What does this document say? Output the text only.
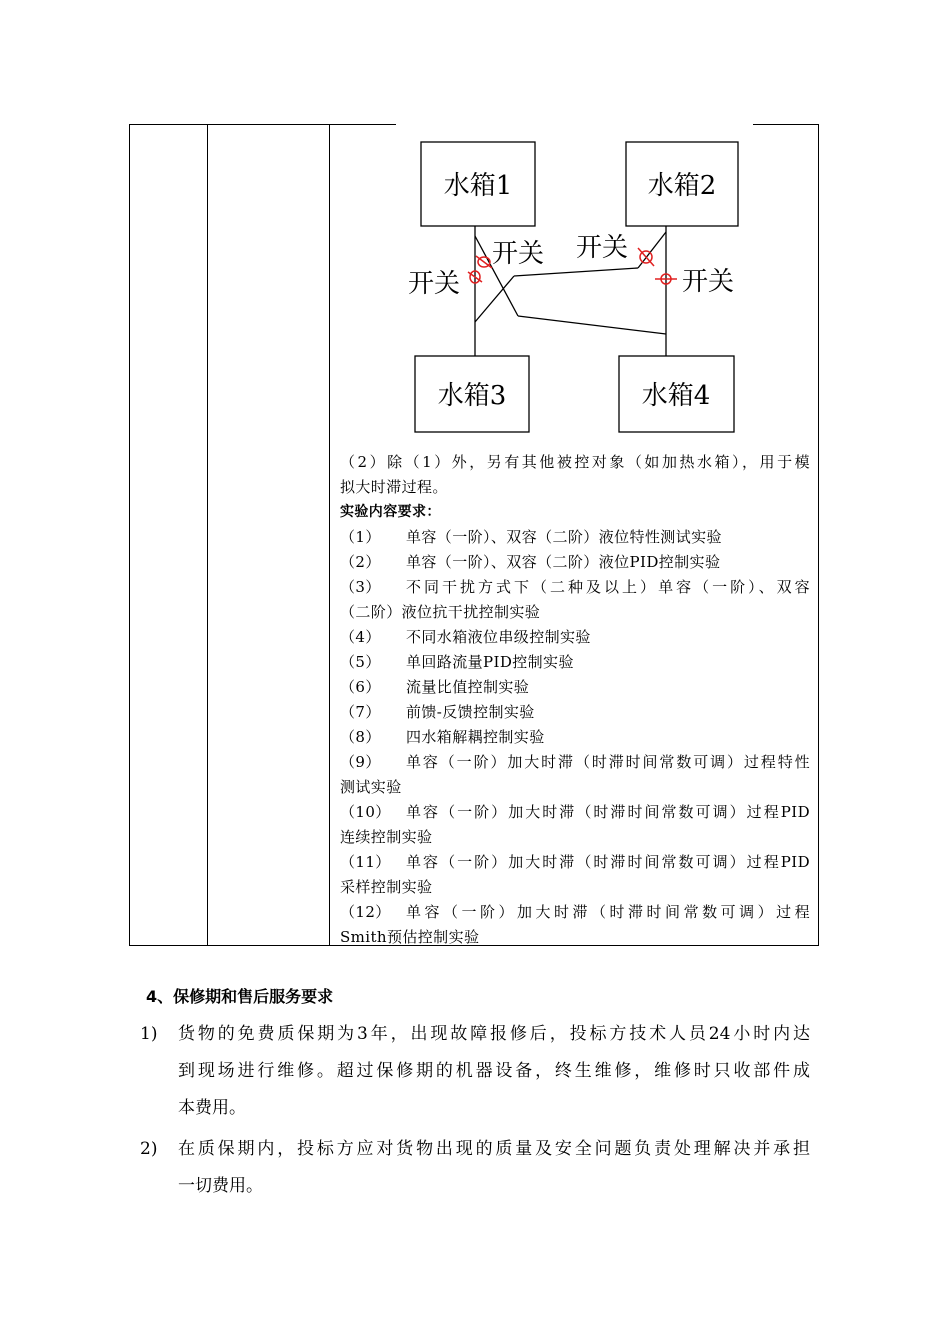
水箱1	水箱2
水箱3	水箱4
开关
开关
开关
开关

（2）除（1）外，另有其他被控对象（如加热水箱），用于模

拟大时滞过程。

实验内容要求：

（1）	单容（一阶）、双容（二阶）液位特性测试实验
（2）	单容（一阶）、双容（二阶）液位PID控制实验
（3）	不同干扰方式下（二种及以上）单容（一阶）、双容

（二阶）液位抗干扰控制实验

（4）	不同水箱液位串级控制实验
（5）	单回路流量PID控制实验
（6）	流量比值控制实验
（7）	前馈-反馈控制实验
（8）	四水箱解耦控制实验
（9）	单容（一阶）加大时滞（时滞时间常数可调）过程特性

测试实验

（10）	单容（一阶）加大时滞（时滞时间常数可调）过程PID

连续控制实验

（11）	单容（一阶）加大时滞（时滞时间常数可调）过程PID

采样控制实验

（12）	单容（一阶）加大时滞（时滞时间常数可调）过程

Smith预估控制实验

4、保修期和售后服务要求
1) 货物的免费质保期为3年，出现故障报修后，投标方技术人员24小时内达
到现场进行维修。超过保修期的机器设备，终生维修，维修时只收部件成
本费用。
2) 在质保期内，投标方应对货物出现的质量及安全问题负责处理解决并承担
一切费用。
